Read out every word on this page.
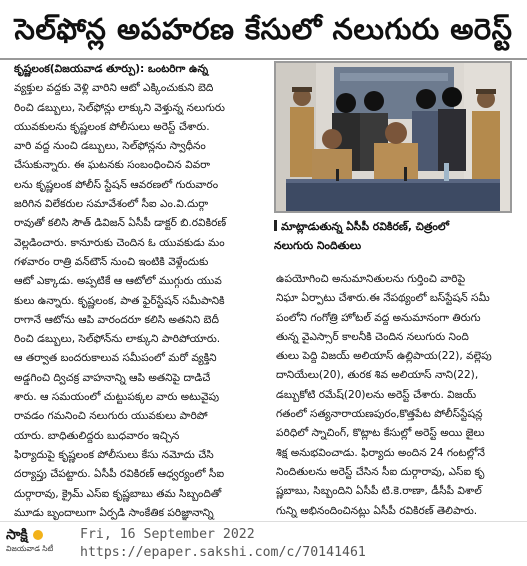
సెల్‌ఫోన్ల అపహరణ కేసులో నలుగురు అరెస్ట్
కృష్ణలంక(విజయవాడ తూర్పు): ఒంటరిగా ఉన్న
వ్యక్తుల వద్దకు వెళ్లి వారిని ఆటో ఎక్కించుకుని బెది
రించి డబ్బులు, సెల్‌ఫోన్లు లాక్కుని వెళ్తున్న నలుగురు
యువకులను కృష్ణలంక పోలీసులు అరెస్ట్ చేశారు.
వారి వద్ద నుంచి డబ్బులు, సెల్‌ఫోన్లను స్వాధీనం
చేసుకున్నారు. ఈ ఘటనకు సంబంధించిన వివరా
లను కృష్ణలంక పోలీస్ స్టేషన్ ఆవరణలో గురువారం
జరిగిన విలేకరుల సమావేశంలో సీఐ ఎం.వి.దుర్గా
రావుతో కలిసి సౌత్ డివిజన్ ఏసీపీ డాక్టర్ బి.రవికిరణ్
వెల్లడించారు. కానూరుకు చెందిన ఓ యువకుడు మం
గళవారం రాత్రి వన్‌టౌన్ నుంచి ఇంటికి వెళ్లేందుకు
ఆటో ఎక్కాడు. అప్పటికే ఆ ఆటోలో ముగ్గురు యువ
కులు ఉన్నారు. కృష్ణలంక, పాత ఫైర్‌స్టేషన్ సమీపానికి
రాగానే ఆటోను ఆపి వారందరూ కలిసి అతనిని బెదీ
రించి డబ్బులు, సెల్‌ఫోన్‌ను లాక్కుని పారిపోయారు.
ఆ తర్వాత బందరుకాలువ సమీపంలో మరో వ్యక్తిని
అడ్డగించి ద్విచక్ర వాహనాన్ని ఆపి అతనిపై దాడిచే
శారు. ఆ సమయంలో చుట్టుపక్కల వారు అటువైపు
రావడం గమనించి నలుగురు యువకులు పారిపో
యారు. బాధితులిద్దరు బుధవారం ఇచ్చిన
ఫిర్యాదుపై కృష్ణలంక పోలీసులు కేసు నమోదు చేసి
దర్యాప్తు చేపట్టారు. ఏసీపీ రవికిరణ్ ఆధ్వర్యంలో సీఐ
దుర్గారావు, క్రైమ్ ఎస్‌ఐ కృష్ణబాబు తమ సిబ్బందితో
మూడు బృందాలుగా ఏర్పడి సాంకేతిక పరిజ్ఞానాన్ని
మాట్లాడుతున్న ఏసీపీ రవికిరణ్, చిత్రంలో
నలుగురు నిందితులు
ఉపయోగించి అనుమానితులను గుర్తించి వారిపై
నిఘా ఏర్పాటు చేశారు.ఈ నేపథ్యంలో బస్‌స్టేషన్ సమీ
పంలోని గంగోత్రి హోటల్ వద్ద అనుమానంగా తిరుగు
తున్న వైఎస్సార్ కాలనీకి చెందిన నలుగురు నింది
తులు పెద్ది విజయ్ అలియాస్ ఉల్లిపాయ(22), వల్లెపు
దానియేలు(20), తురక శివ అలియాస్ నాని(22),
డబ్బుకోటి రమేష్(20)లను అరెస్ట్ చేశారు. విజయ్
గతంలో సత్యనారాయణపురం,కొత్తపేట పోలీస్‌స్టేషన్ల
పరిధిలో స్నాచింగ్, కొట్లాట కేసుల్లో అరెస్ట్ అయి జైలు
శిక్ష అనుభవించాడు. ఫిర్యాదు అందిన 24 గంటల్లోనే
నిందితులను అరెస్ట్ చేసిన సీఐ దుర్గారావు, ఎస్‌ఐ కృ
ష్ణబాబు, సిబ్బందిని ఏసీపీ టి.కె.రాణా, డీసీపీ విశాల్
గున్ని అభినందించినట్లు ఏసీపీ రవికిరణ్ తెలిపారు.
సాక్షి
విజయవాడ సిటీ
Fri, 16 September 2022
https://epaper.sakshi.com/c/70141461
